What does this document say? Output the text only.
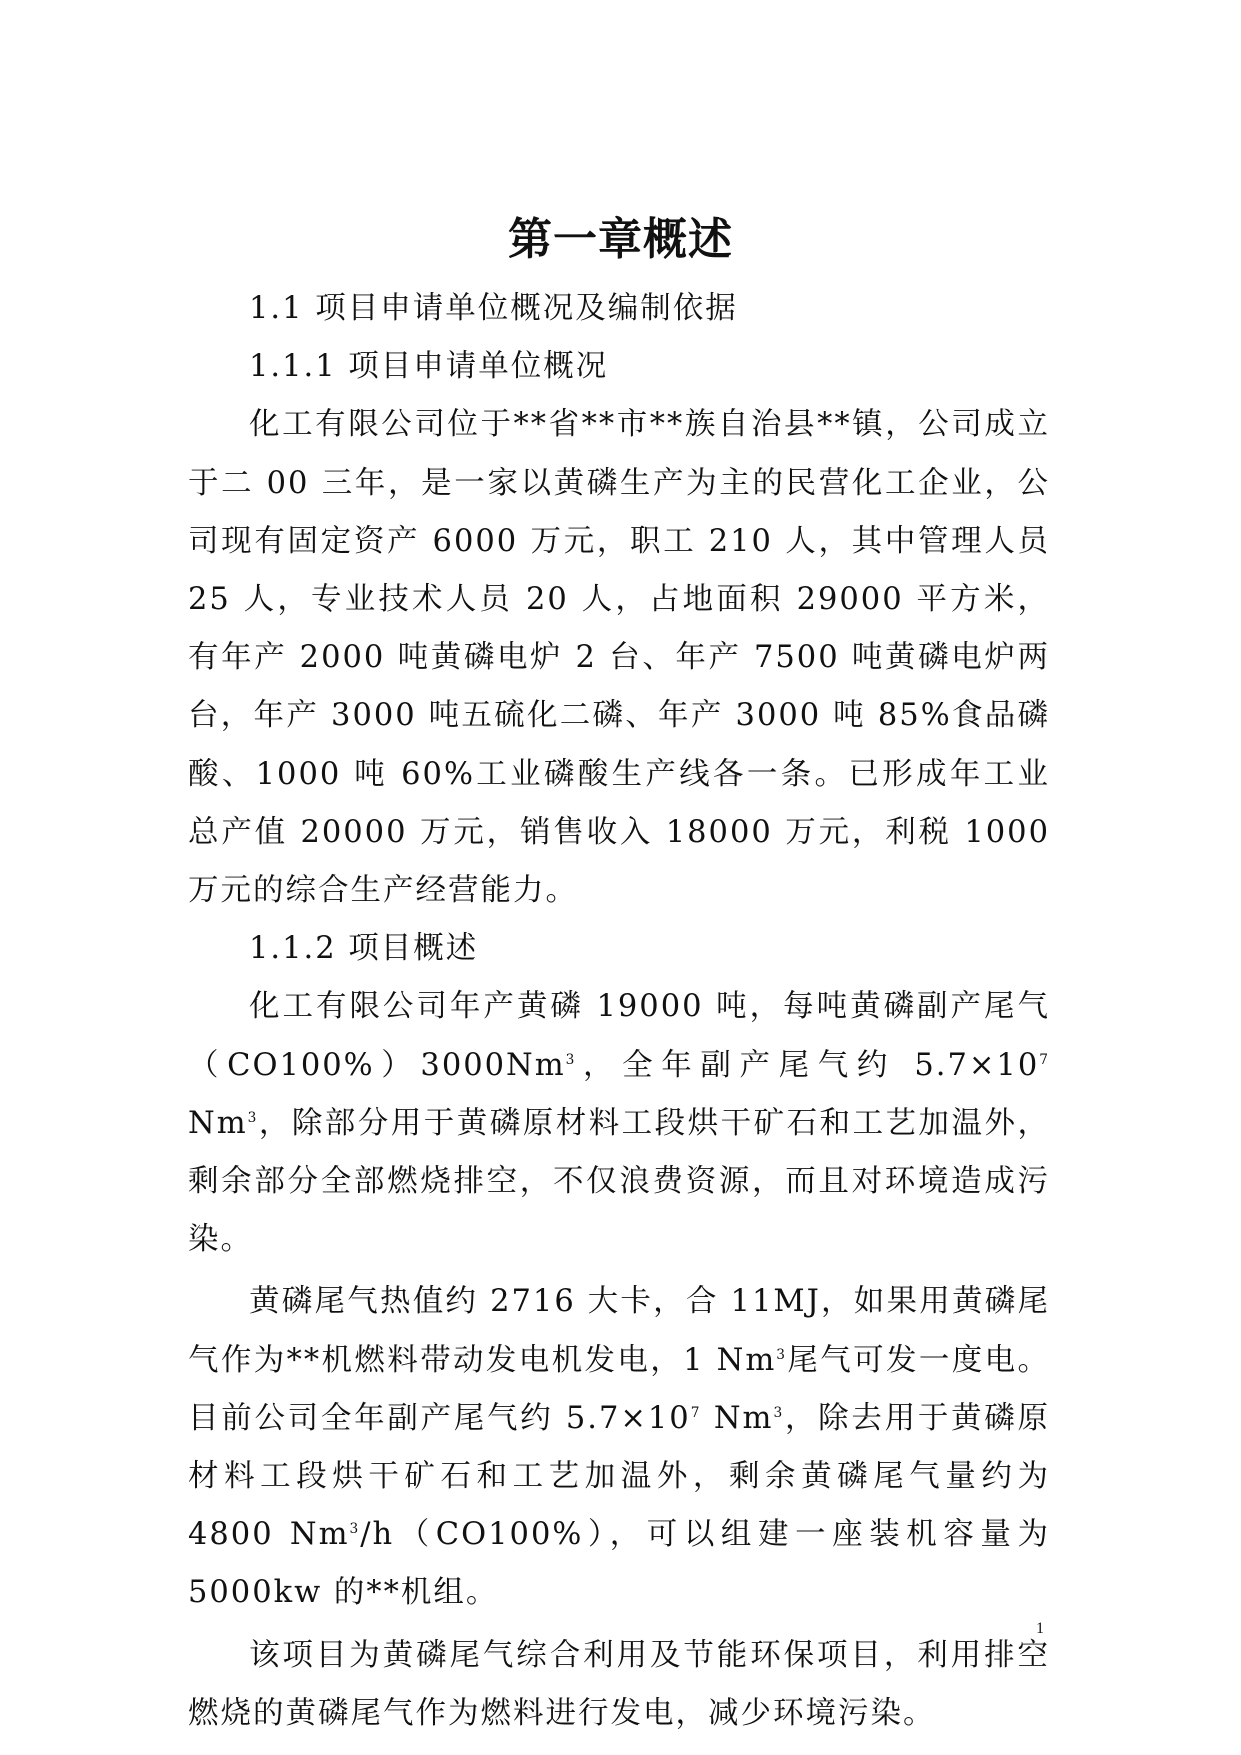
第一章概述

1.1 项目申请单位概况及编制依据

1.1.1 项目申请单位概况

化工有限公司位于**省**市**族自治县**镇，公司成立于二 00 三年，是一家以黄磷生产为主的民营化工企业，公司现有固定资产 6000 万元，职工 210 人，其中管理人员 25 人，专业技术人员 20 人，占地面积 29000 平方米，有年产 2000 吨黄磷电炉 2 台、年产 7500 吨黄磷电炉两台，年产 3000 吨五硫化二磷、年产 3000 吨 85%食品磷酸、1000 吨 60%工业磷酸生产线各一条。已形成年工业总产值 20000 万元，销售收入 18000 万元，利税 1000 万元的综合生产经营能力。

1.1.2 项目概述

化工有限公司年产黄磷 19000 吨，每吨黄磷副产尾气（CO100%）3000Nm$^3$，全年副产尾气约 $5.7\times 10^7$ Nm$^3$，除部分用于黄磷原材料工段烘干矿石和工艺加温外，剩余部分全部燃烧排空，不仅浪费资源，而且对环境造成污染。

黄磷尾气热值约 2716 大卡，合 11MJ，如果用黄磷尾气作为**机燃料带动发电机发电，1 Nm$^3$尾气可发一度电。目前公司全年副产尾气约 $5.7\times 10^7$ Nm$^3$，除去用于黄磷原材料工段烘干矿石和工艺加温外，剩余黄磷尾气量约为 4800 Nm$^3$/h（CO100%），可以组建一座装机容量为 5000kw 的**机组。

该项目为黄磷尾气综合利用及节能环保项目，利用排空燃烧的黄磷尾气作为燃料进行发电，减少环境污染。

1
